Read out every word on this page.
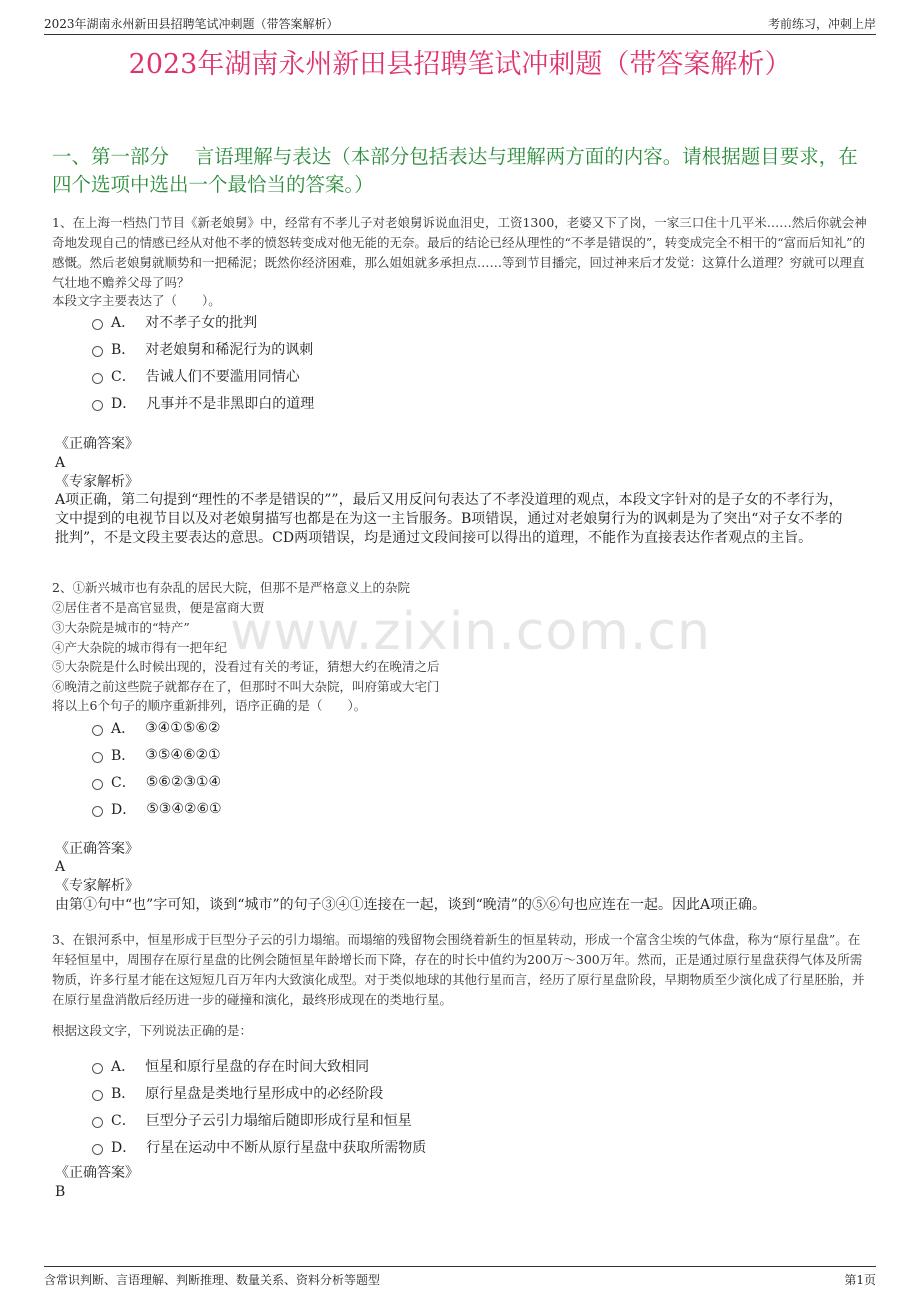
2023年湖南永州新田县招聘笔试冲刺题（带答案解析）	考前练习，冲刺上岸
2023年湖南永州新田县招聘笔试冲刺题（带答案解析）
一、第一部分　 言语理解与表达（本部分包括表达与理解两方面的内容。请根据题目要求，在四个选项中选出一个最恰当的答案。）
www.zixin.com.cn
1、在上海一档热门节目《新老娘舅》中，经常有不孝儿子对老娘舅诉说血泪史，工资1300，老婆又下了岗，一家三口住十几平米……然后你就会神奇地发现自己的情感已经从对他不孝的愤怒转变成对他无能的无奈。最后的结论已经从理性的“不孝是错误的”，转变成完全不相干的“富而后知礼”的感慨。然后老娘舅就顺势和一把稀泥；既然你经济困难，那么姐姐就多承担点……等到节目播完，回过神来后才发觉：这算什么道理？穷就可以理直气壮地不赡养父母了吗？
本段文字主要表达了（　　）。
A． 对不孝子女的批判
B． 对老娘舅和稀泥行为的讽刺
C． 告诫人们不要滥用同情心
D． 凡事并不是非黑即白的道理
《正确答案》
A
《专家解析》
A项正确，第二句提到“理性的不孝是错误的””，最后又用反问句表达了不孝没道理的观点，本段文字针对的是子女的不孝行为，文中提到的电视节目以及对老娘舅描写也都是在为这一主旨服务。B项错误，通过对老娘舅行为的讽刺是为了突出“对子女不孝的批判”，不是文段主要表达的意思。CD两项错误，均是通过文段间接可以得出的道理，不能作为直接表达作者观点的主旨。
2、①新兴城市也有杂乱的居民大院，但那不是严格意义上的杂院
②居住者不是高官显贵，便是富商大贾
③大杂院是城市的“特产”
④产大杂院的城市得有一把年纪
⑤大杂院是什么时候出现的，没看过有关的考证，猜想大约在晚清之后
⑥晚清之前这些院子就都存在了，但那时不叫大杂院，叫府第或大宅门
将以上6个句子的顺序重新排列，语序正确的是（　　）。
A． ③④①⑤⑥②
B． ③⑤④⑥②①
C． ⑤⑥②③①④
D． ⑤③④②⑥①
《正确答案》
A
《专家解析》
由第①句中“也”字可知，谈到“城市”的句子③④①连接在一起，谈到“晚清”的⑤⑥句也应连在一起。因此A项正确。
3、在银河系中，恒星形成于巨型分子云的引力塌缩。而塌缩的残留物会围绕着新生的恒星转动，形成一个富含尘埃的气体盘，称为“原行星盘”。在年轻恒星中，周围存在原行星盘的比例会随恒星年龄增长而下降，存在的时长中值约为200万～300万年。然而，正是通过原行星盘获得气体及所需物质，许多行星才能在这短短几百万年内大致演化成型。对于类似地球的其他行星而言，经历了原行星盘阶段，早期物质至少演化成了行星胚胎，并在原行星盘消散后经历进一步的碰撞和演化，最终形成现在的类地行星。
根据这段文字，下列说法正确的是：
A． 恒星和原行星盘的存在时间大致相同
B． 原行星盘是类地行星形成中的必经阶段
C． 巨型分子云引力塌缩后随即形成行星和恒星
D． 行星在运动中不断从原行星盘中获取所需物质
《正确答案》
B
含常识判断、言语理解、判断推理、数量关系、资料分析等题型	第1页
